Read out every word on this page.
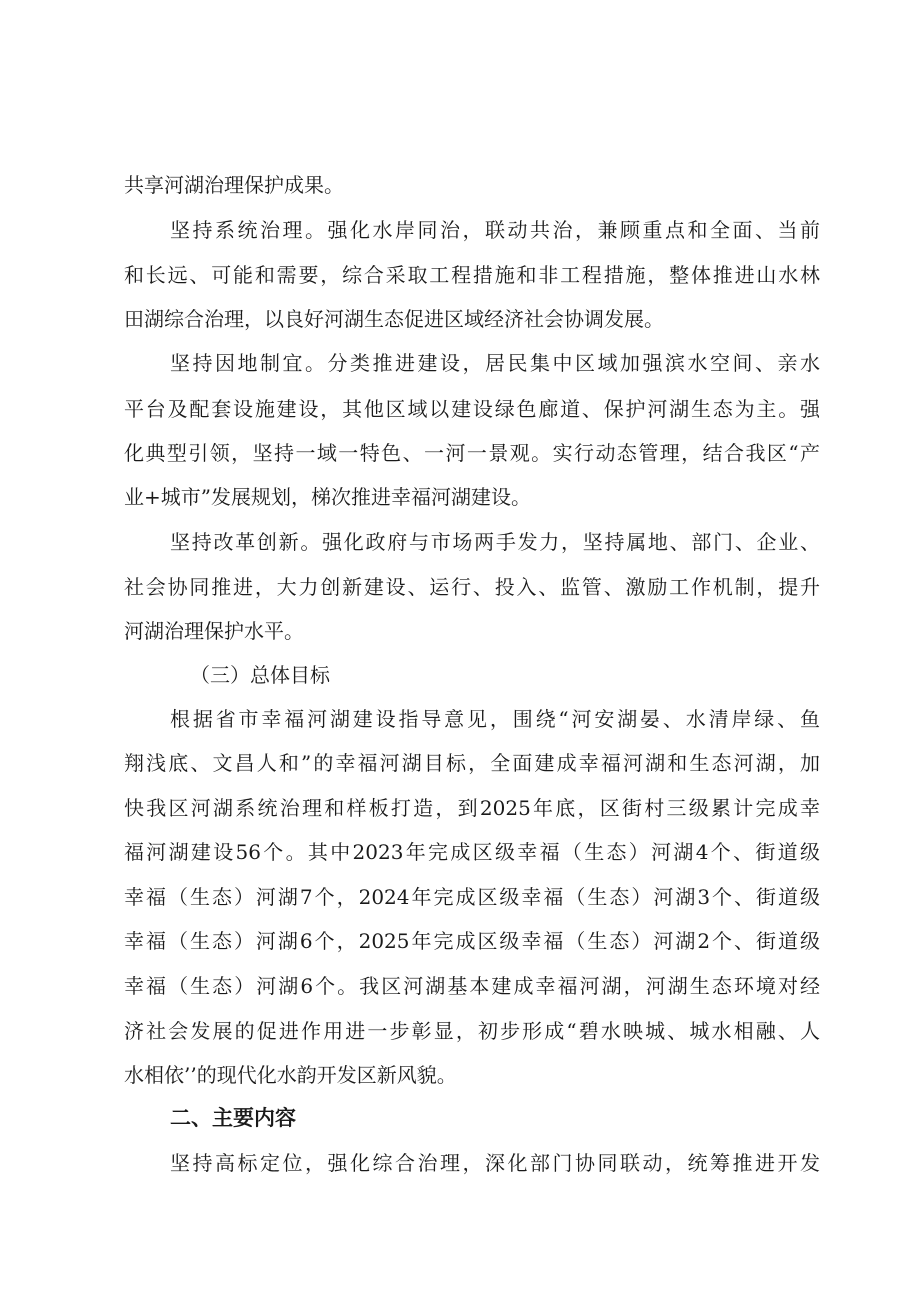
共享河湖治理保护成果。
坚持系统治理。强化水岸同治，联动共治，兼顾重点和全面、当前
和长远、可能和需要，综合采取工程措施和非工程措施，整体推进山水林
田湖综合治理，以良好河湖生态促进区域经济社会协调发展。
坚持因地制宜。分类推进建设，居民集中区域加强滨水空间、亲水
平台及配套设施建设，其他区域以建设绿色廊道、保护河湖生态为主。强
化典型引领，坚持一域一特色、一河一景观。实行动态管理，结合我区“产
业+城市”发展规划，梯次推进幸福河湖建设。
坚持改革创新。强化政府与市场两手发力，坚持属地、部门、企业、
社会协同推进，大力创新建设、运行、投入、监管、激励工作机制，提升
河湖治理保护水平。
（三）总体目标
根据省市幸福河湖建设指导意见，围绕“河安湖晏、水清岸绿、鱼
翔浅底、文昌人和”的幸福河湖目标，全面建成幸福河湖和生态河湖，加
快我区河湖系统治理和样板打造，到2025年底，区街村三级累计完成幸
福河湖建设56个。其中2023年完成区级幸福（生态）河湖4个、街道级
幸福（生态）河湖7个，2024年完成区级幸福（生态）河湖3个、街道级
幸福（生态）河湖6个，2025年完成区级幸福（生态）河湖2个、街道级
幸福（生态）河湖6个。我区河湖基本建成幸福河湖，河湖生态环境对经
济社会发展的促进作用进一步彰显，初步形成“碧水映城、城水相融、人
水相依’’的现代化水韵开发区新风貌。
二、主要内容
坚持高标定位，强化综合治理，深化部门协同联动，统筹推进开发
